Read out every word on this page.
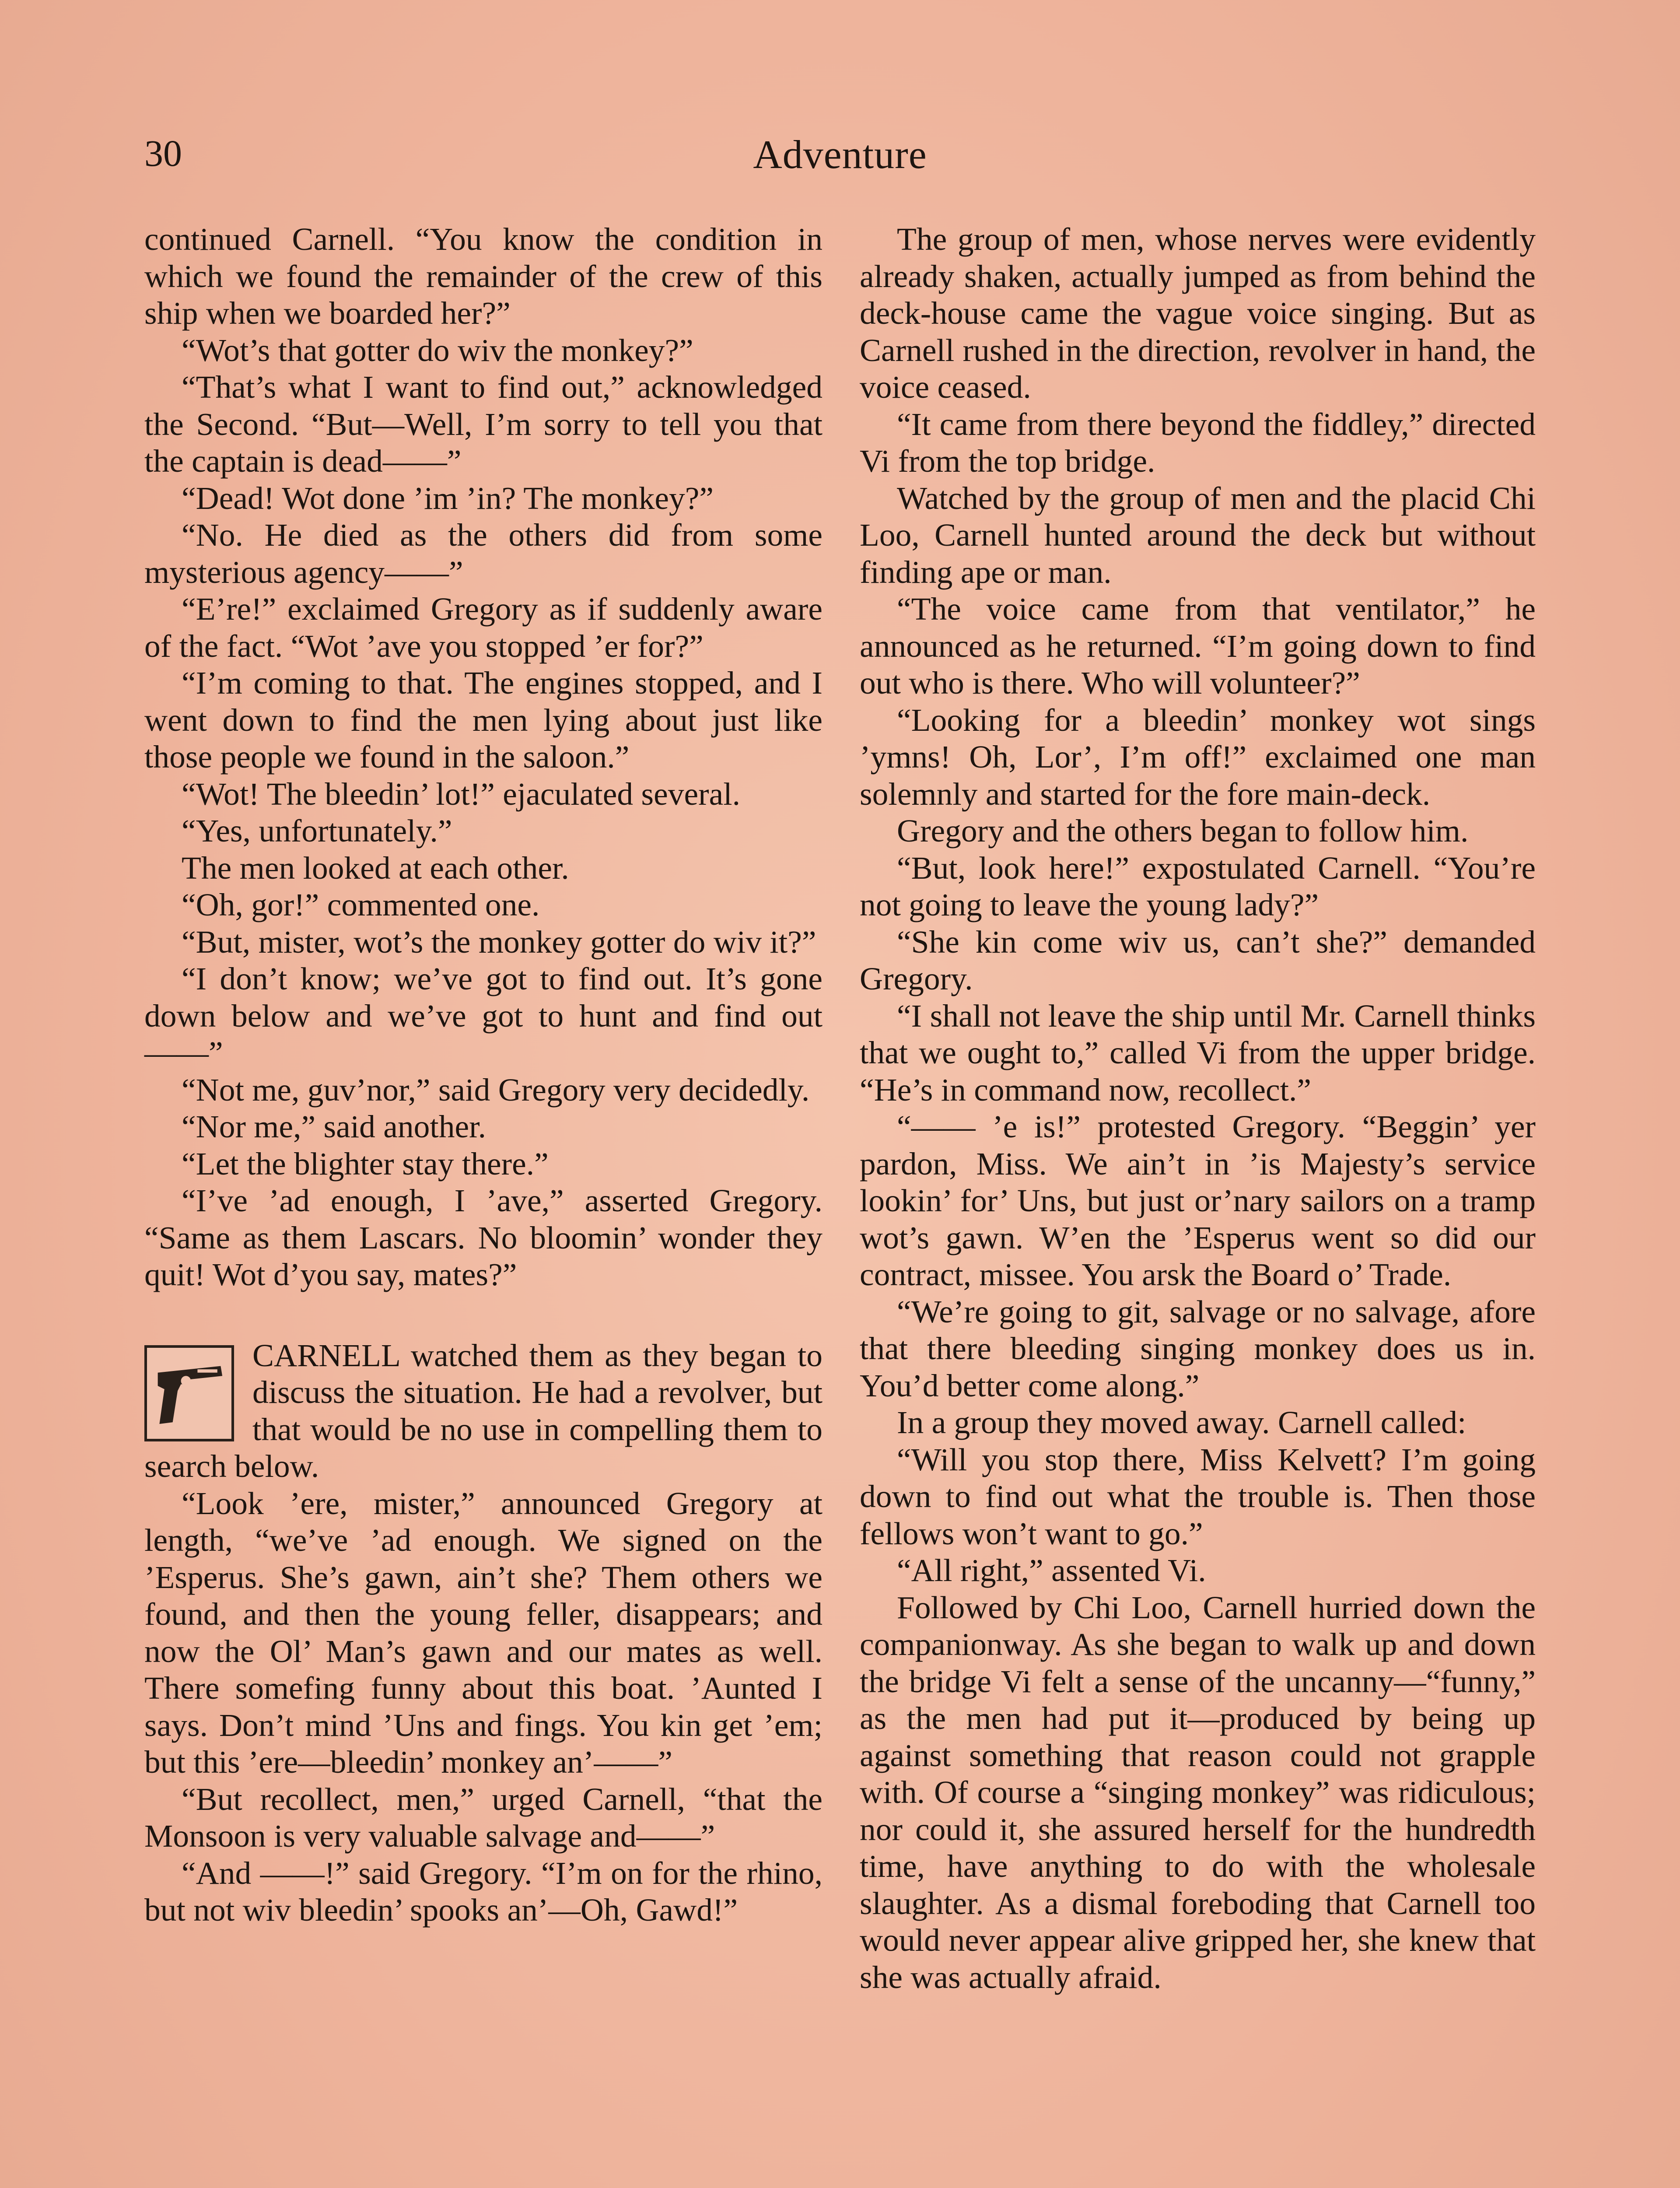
30	Adventure

continued Carnell. “You know the condition in which we found the remainder of the crew of this ship when we boarded her?”

“Wot’s that gotter do wiv the monkey?”

“That’s what I want to find out,” acknowledged the Second. “But—Well, I’m sorry to tell you that the captain is dead——”

“Dead! Wot done ’im ’in? The monkey?”

“No. He died as the others did from some mysterious agency——”

“E’re!” exclaimed Gregory as if suddenly aware of the fact. “Wot ’ave you stopped ’er for?”

“I’m coming to that. The engines stopped, and I went down to find the men lying about just like those people we found in the saloon.”

“Wot! The bleedin’ lot!” ejaculated several.

“Yes, unfortunately.”

The men looked at each other.

“Oh, gor!” commented one.

“But, mister, wot’s the monkey gotter do wiv it?”

“I don’t know; we’ve got to find out. It’s gone down below and we’ve got to hunt and find out——”

“Not me, guv’nor,” said Gregory very decidedly.

“Nor me,” said another.

“Let the blighter stay there.”

“I’ve ’ad enough, I ’ave,” asserted Gregory. “Same as them Lascars. No bloomin’ wonder they quit! Wot d’you say, mates?”

CARNELL watched them as they began to discuss the situation. He had a revolver, but that would be no use in compelling them to search below.

“Look ’ere, mister,” announced Gregory at length, “we’ve ’ad enough. We signed on the ’Esperus. She’s gawn, ain’t she? Them others we found, and then the young feller, disappears; and now the Ol’ Man’s gawn and our mates as well. There somefing funny about this boat. ’Aunted I says. Don’t mind ’Uns and fings. You kin get ’em; but this ’ere—bleedin’ monkey an’——”

“But recollect, men,” urged Carnell, “that the Monsoon is very valuable salvage and——”

“And ——!” said Gregory. “I’m on for the rhino, but not wiv bleedin’ spooks an’—Oh, Gawd!”

The group of men, whose nerves were evidently already shaken, actually jumped as from behind the deck-house came the vague voice singing. But as Carnell rushed in the direction, revolver in hand, the voice ceased.

“It came from there beyond the fiddley,” directed Vi from the top bridge.

Watched by the group of men and the placid Chi Loo, Carnell hunted around the deck but without finding ape or man.

“The voice came from that ventilator,” he announced as he returned. “I’m going down to find out who is there. Who will volunteer?”

“Looking for a bleedin’ monkey wot sings ’ymns! Oh, Lor’, I’m off!” exclaimed one man solemnly and started for the fore main-deck.

Gregory and the others began to follow him.

“But, look here!” expostulated Carnell. “You’re not going to leave the young lady?”

“She kin come wiv us, can’t she?” demanded Gregory.

“I shall not leave the ship until Mr. Carnell thinks that we ought to,” called Vi from the upper bridge. “He’s in command now, recollect.”

“—— ’e is!” protested Gregory. “Beggin’ yer pardon, Miss. We ain’t in ’is Majesty’s service lookin’ for’ Uns, but just or’nary sailors on a tramp wot’s gawn. W’en the ’Esperus went so did our contract, missee. You arsk the Board o’ Trade.

“We’re going to git, salvage or no salvage, afore that there bleeding singing monkey does us in. You’d better come along.”

In a group they moved away. Carnell called:

“Will you stop there, Miss Kelvett? I’m going down to find out what the trouble is. Then those fellows won’t want to go.”

“All right,” assented Vi.

Followed by Chi Loo, Carnell hurried down the companionway. As she began to walk up and down the bridge Vi felt a sense of the uncanny—“funny,” as the men had put it—produced by being up against something that reason could not grapple with. Of course a “singing monkey” was ridiculous; nor could it, she assured herself for the hundredth time, have anything to do with the wholesale slaughter. As a dismal foreboding that Carnell too would never appear alive gripped her, she knew that she was actually afraid.
